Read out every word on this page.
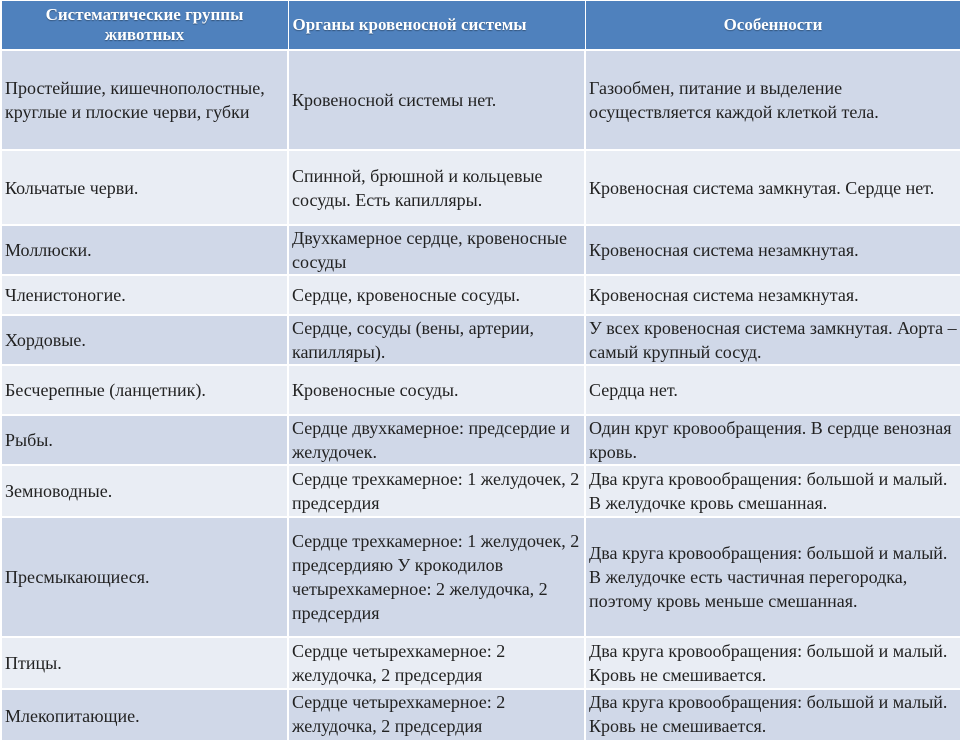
Систематические группы животных	Органы кровеносной системы	Особенности
Простейшие, кишечнополостные, круглые и плоские черви, губки	Кровеносной системы нет.	Газообмен, питание и выделение осуществляется каждой клеткой тела.
Кольчатые черви.	Спинной, брюшной и кольцевые сосуды. Есть капилляры.	Кровеносная система замкнутая. Сердце нет.
Моллюски.	Двухкамерное сердце, кровеносные сосуды	Кровеносная система незамкнутая.
Членистоногие.	Сердце, кровеносные сосуды.	Кровеносная система незамкнутая.
Хордовые.	Сердце, сосуды (вены, артерии, капилляры).	У всех кровеносная система замкнутая. Аорта – самый крупный сосуд.
Бесчерепные (ланцетник).	Кровеносные сосуды.	Сердца нет.
Рыбы.	Сердце двухкамерное: предсердие и желудочек.	Один круг кровообращения. В сердце венозная кровь.
Земноводные.	Сердце трехкамерное: 1 желудочек, 2 предсердия	Два круга кровообращения: большой и малый. В желудочке кровь смешанная.
Пресмыкающиеся.	Сердце трехкамерное: 1 желудочек, 2 предсердияю У крокодилов четырехкамерное: 2 желудочка, 2 предсердия	Два круга кровообращения: большой и малый. В желудочке есть частичная перегородка, поэтому кровь меньше смешанная.
Птицы.	Сердце четырехкамерное: 2 желудочка, 2 предсердия	Два круга кровообращения: большой и малый. Кровь не смешивается.
Млекопитающие.	Сердце четырехкамерное: 2 желудочка, 2 предсердия	Два круга кровообращения: большой и малый. Кровь не смешивается.
